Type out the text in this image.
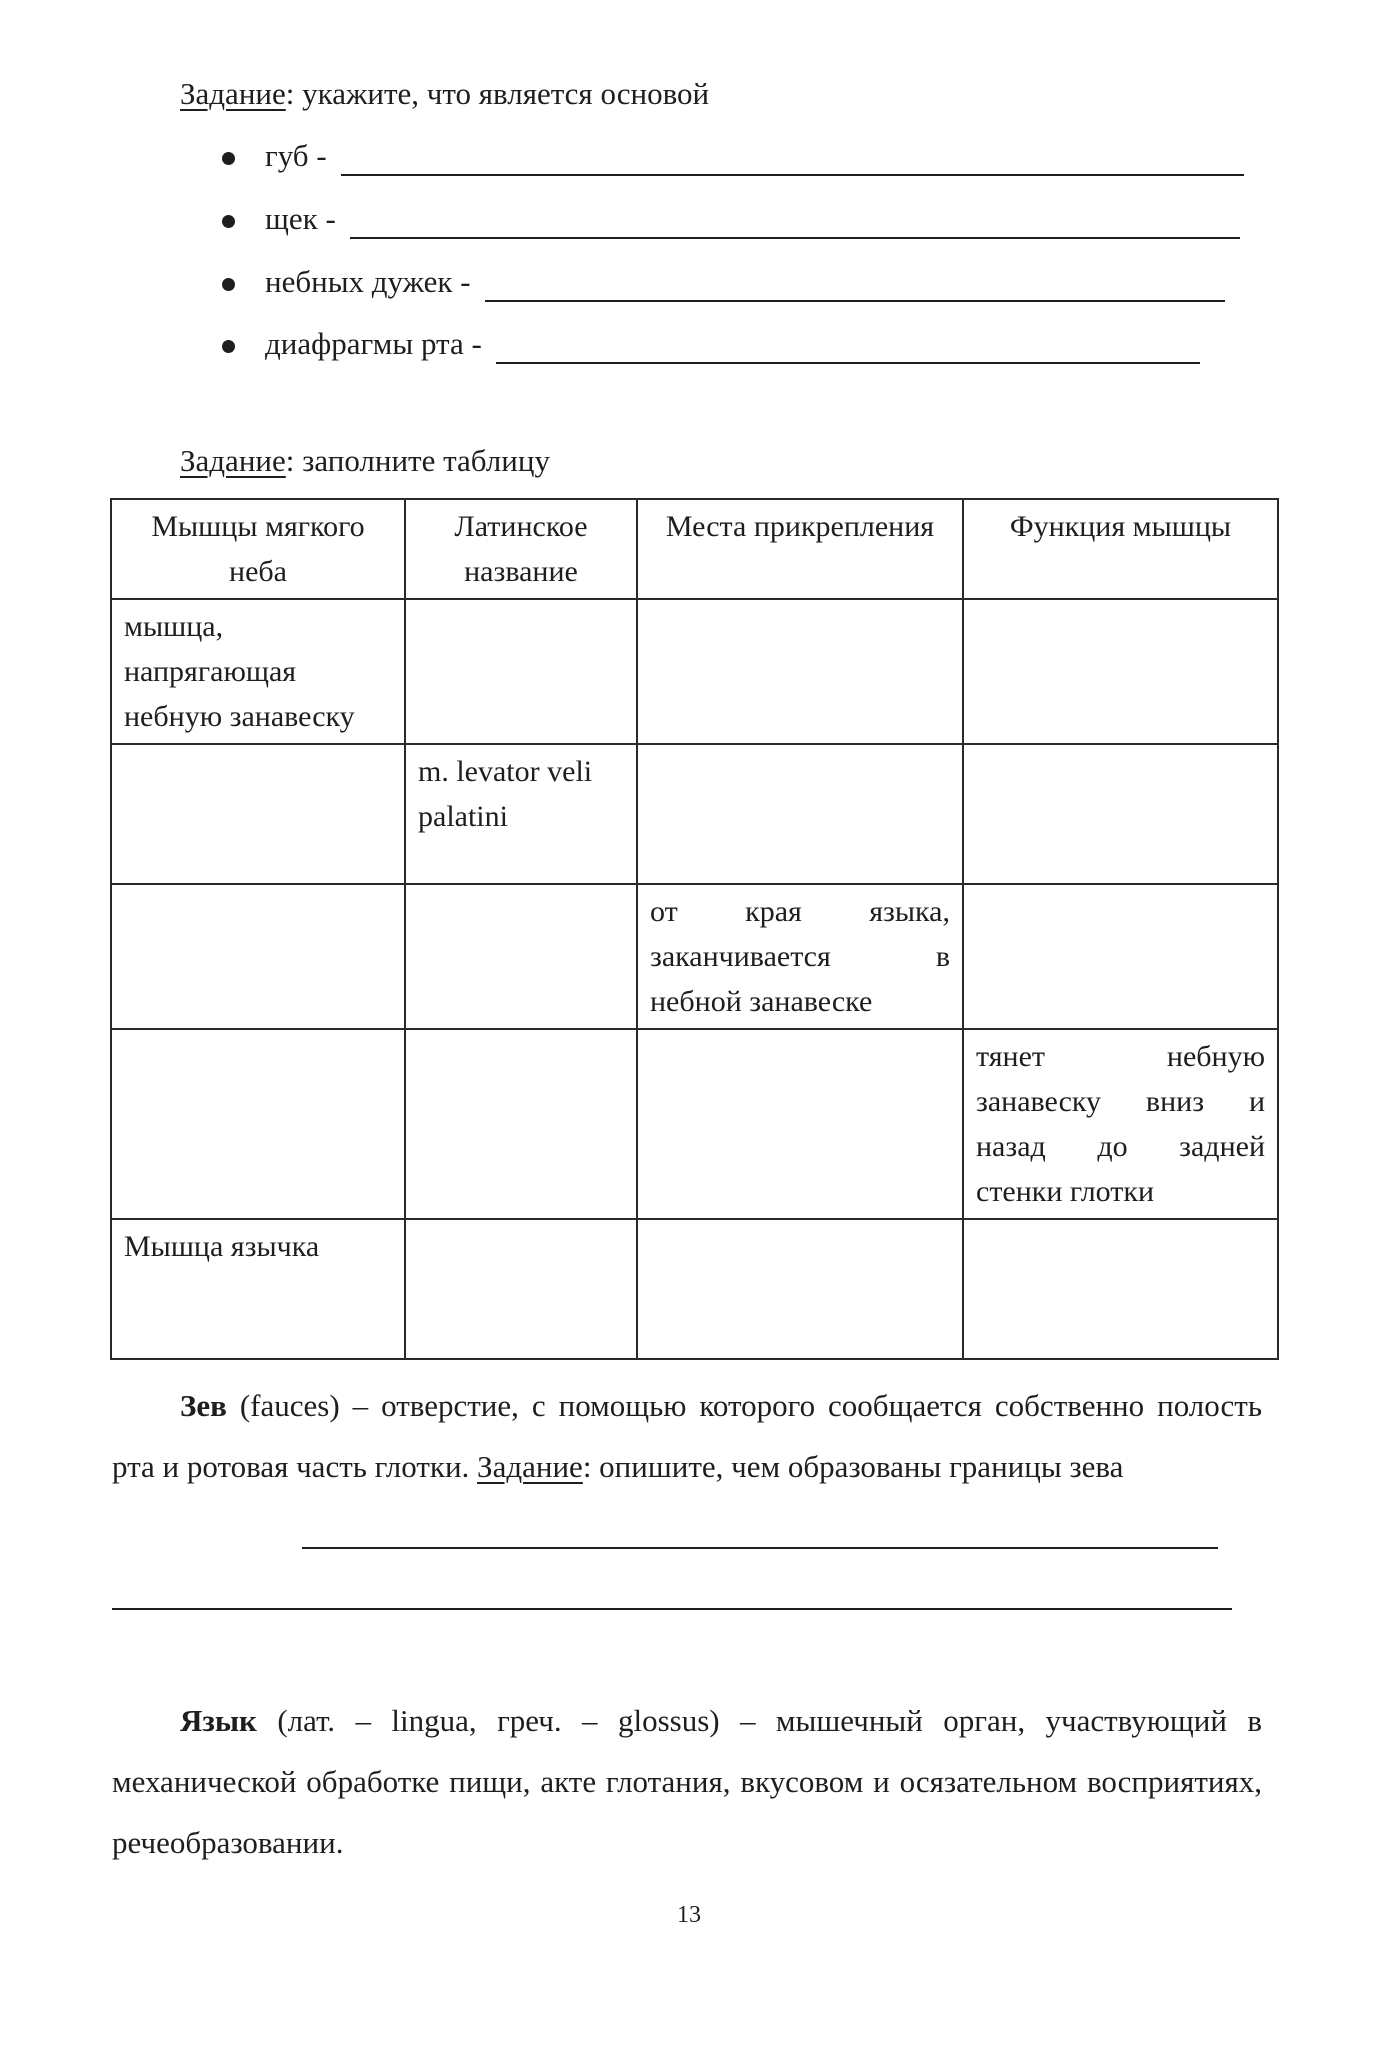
Задание: укажите, что является основой
губ -
щек -
небных дужек -
диафрагмы рта -
Задание: заполните таблицу
Мышцы мягкого неба	Латинское название	Места прикрепления	Функция мышцы
мышца, напрягающая небную занавеску			
	m. levator veli palatini		
		от края языка, заканчивается в небной занавеске	
			тянет небную занавеску вниз и назад до задней стенки глотки
Мышца язычка			
Зев (fauces) – отверстие, с помощью которого сообщается собственно полость рта и ротовая часть глотки. Задание: опишите, чем образованы границы зева
Язык (лат. – lingua, греч. – glossus) – мышечный орган, участвующий в механической обработке пищи, акте глотания, вкусовом и осязательном восприятиях, речеобразовании.
13
